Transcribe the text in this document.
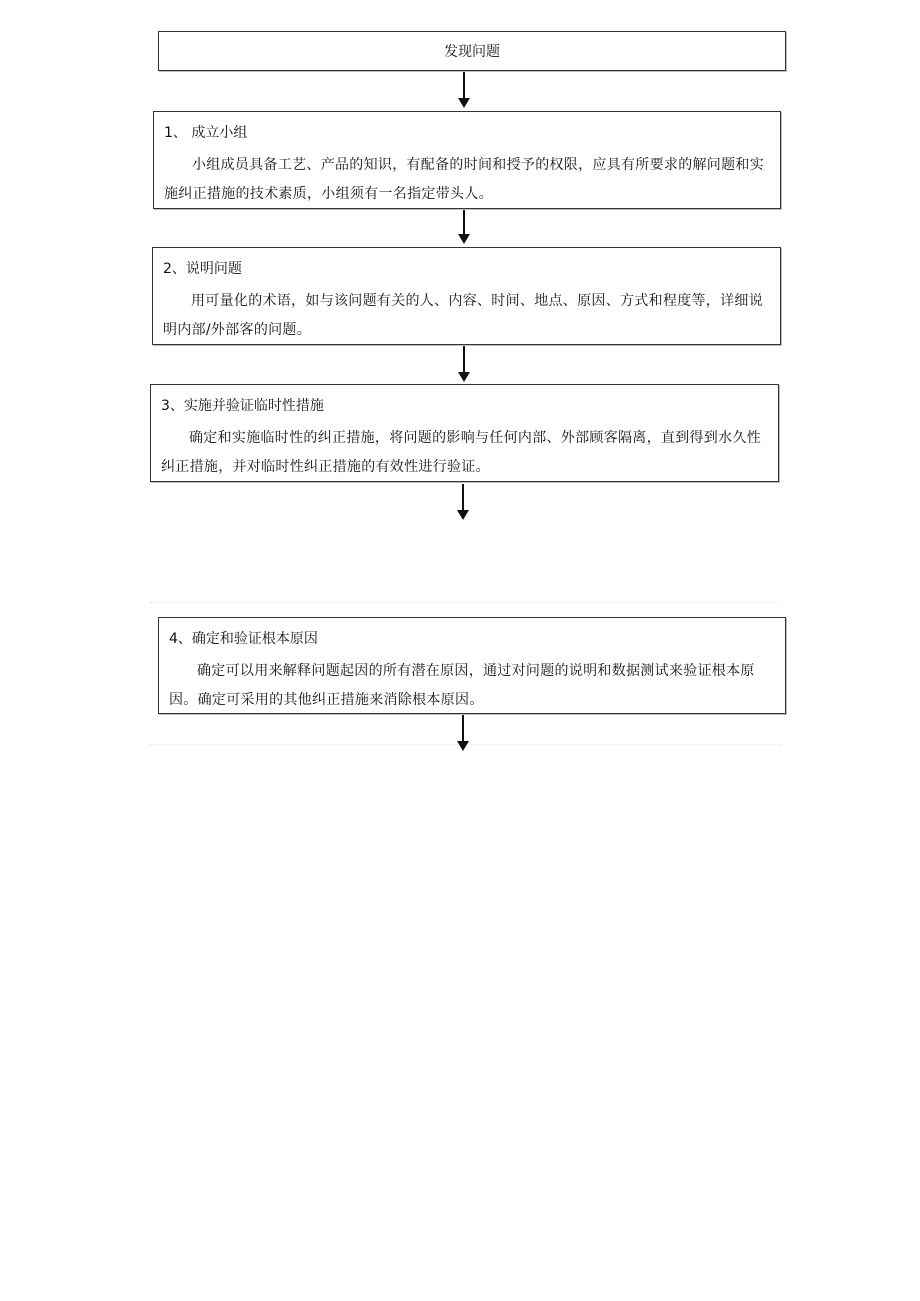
发现问题
1、 成立小组
小组成员具备工艺、产品的知识，有配备的时间和授予的权限，应具有所要求的解问题和实施纠正措施的技术素质，小组须有一名指定带头人。
2、说明问题
用可量化的术语，如与该问题有关的人、内容、时间、地点、原因、方式和程度等，详细说明内部/外部客的问题。
3、实施并验证临时性措施
确定和实施临时性的纠正措施，将问题的影响与任何内部、外部顾客隔离，直到得到水久性纠正措施，并对临时性纠正措施的有效性进行验证。
4、确定和验证根本原因
确定可以用来解释问题起因的所有潜在原因，通过对问题的说明和数据测试来验证根本原因。确定可采用的其他纠正措施来消除根本原因。
